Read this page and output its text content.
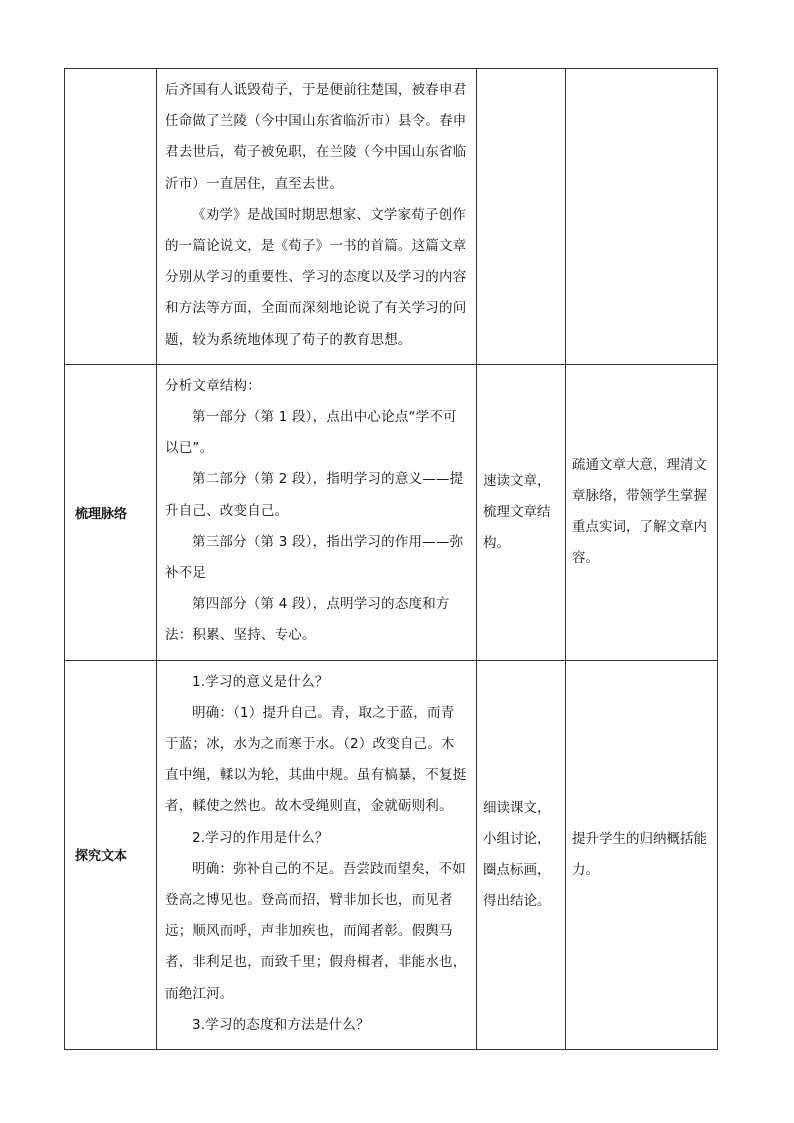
	后齐国有人诋毁荀子，于是便前往楚国，被春申君任命做了兰陵（今中国山东省临沂市）县令。春申君去世后，荀子被免职，在兰陵（今中国山东省临沂市）一直居住，直至去世。

《劝学》是战国时期思想家、文学家荀子创作的一篇论说文，是《荀子》一书的首篇。这篇文章分别从学习的重要性、学习的态度以及学习的内容和方法等方面，全面而深刻地论说了有关学习的问题，较为系统地体现了荀子的教育思想。		

梳理脉络	分析文章结构：

第一部分（第 1 段），点出中心论点“学不可以已”。

第二部分（第 2 段），指明学习的意义——提升自己、改变自己。

第三部分（第 3 段），指出学习的作用——弥补不足

第四部分（第 4 段），点明学习的态度和方法：积累、坚持、专心。	速读文章，梳理文章结构。	疏通文章大意，理清文章脉络，带领学生掌握重点实词，了解文章内容。

探究文本	1.学习的意义是什么？

明确：（1）提升自己。青，取之于蓝，而青于蓝；冰，水为之而寒于水。（2）改变自己。木直中绳，輮以为轮，其曲中规。虽有槁暴，不复挺者，輮使之然也。故木受绳则直，金就砺则利。

2.学习的作用是什么？

明确：弥补自己的不足。吾尝跂而望矣，不如登高之博见也。登高而招，臂非加长也，而见者远；顺风而呼，声非加疾也，而闻者彰。假舆马者，非利足也，而致千里；假舟楫者，非能水也，而绝江河。

3.学习的态度和方法是什么？	细读课文，小组讨论，圈点标画，得出结论。	提升学生的归纳概括能力。
